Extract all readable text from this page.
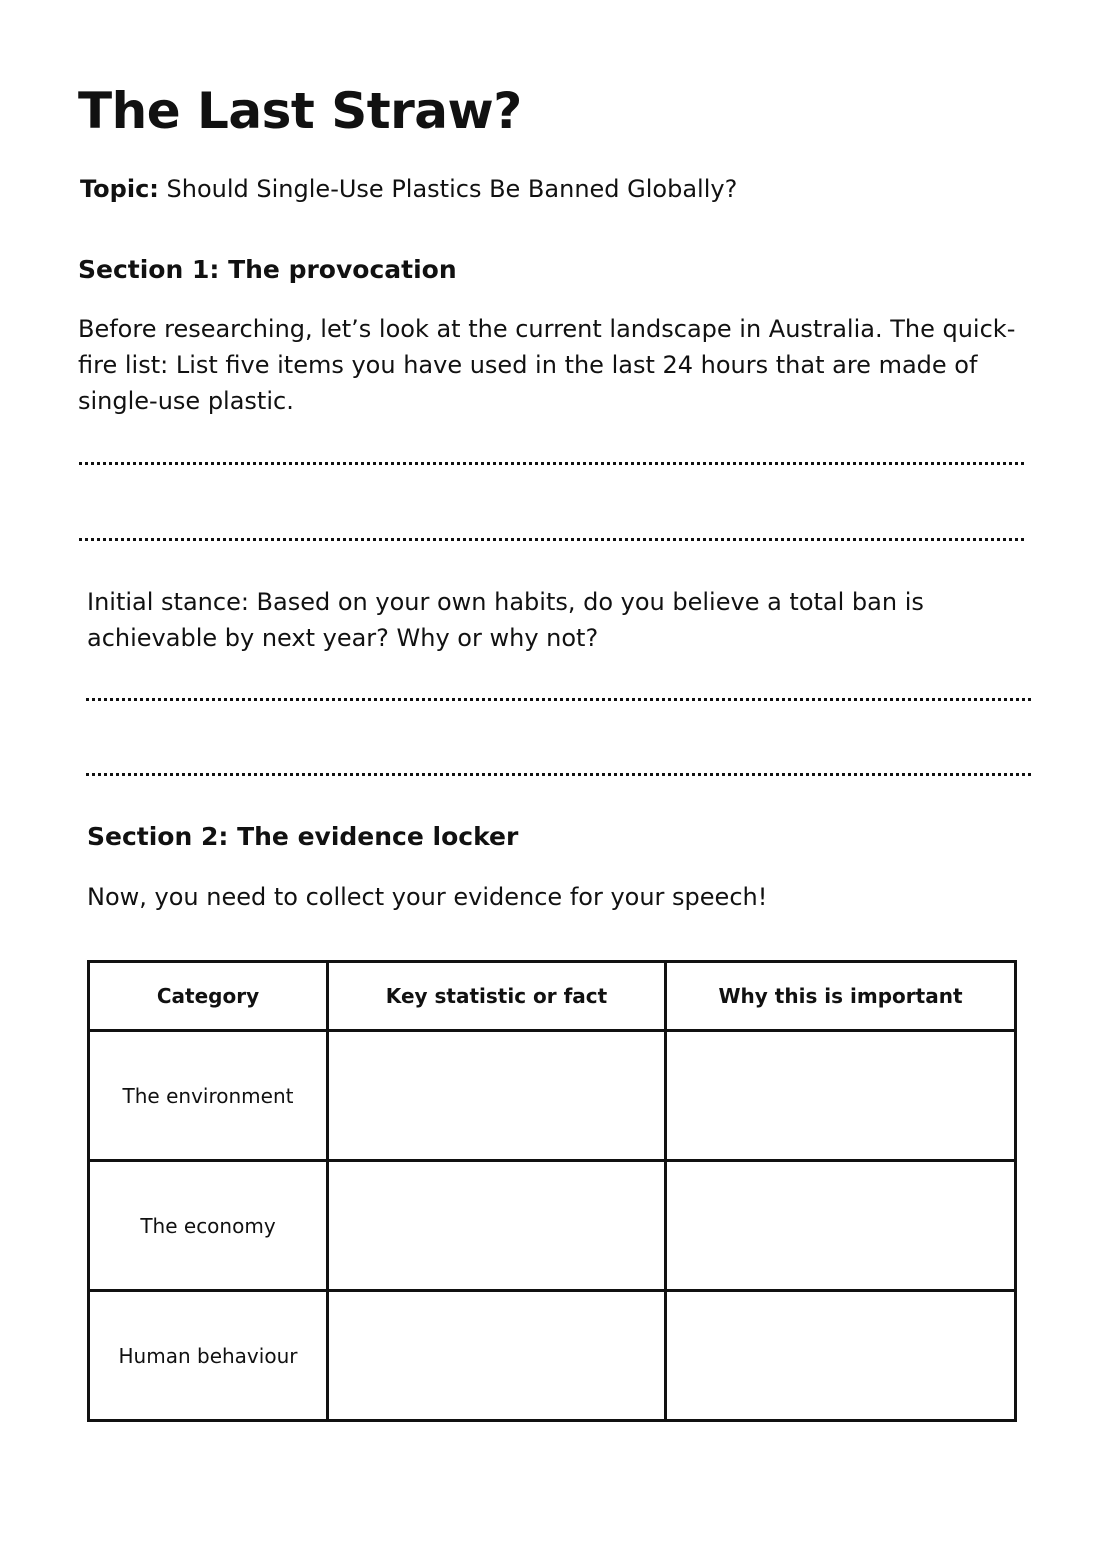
The Last Straw?
Topic: Should Single-Use Plastics Be Banned Globally?
Section 1: The provocation
Before researching, let’s look at the current landscape in Australia. The quick-fire list: List five items you have used in the last 24 hours that are made of single-use plastic.
Initial stance: Based on your own habits, do you believe a total ban is achievable by next year? Why or why not?
Section 2: The evidence locker
Now, you need to collect your evidence for your speech!
Category	Key statistic or fact	Why this is important
The environment		
The economy		
Human behaviour		
